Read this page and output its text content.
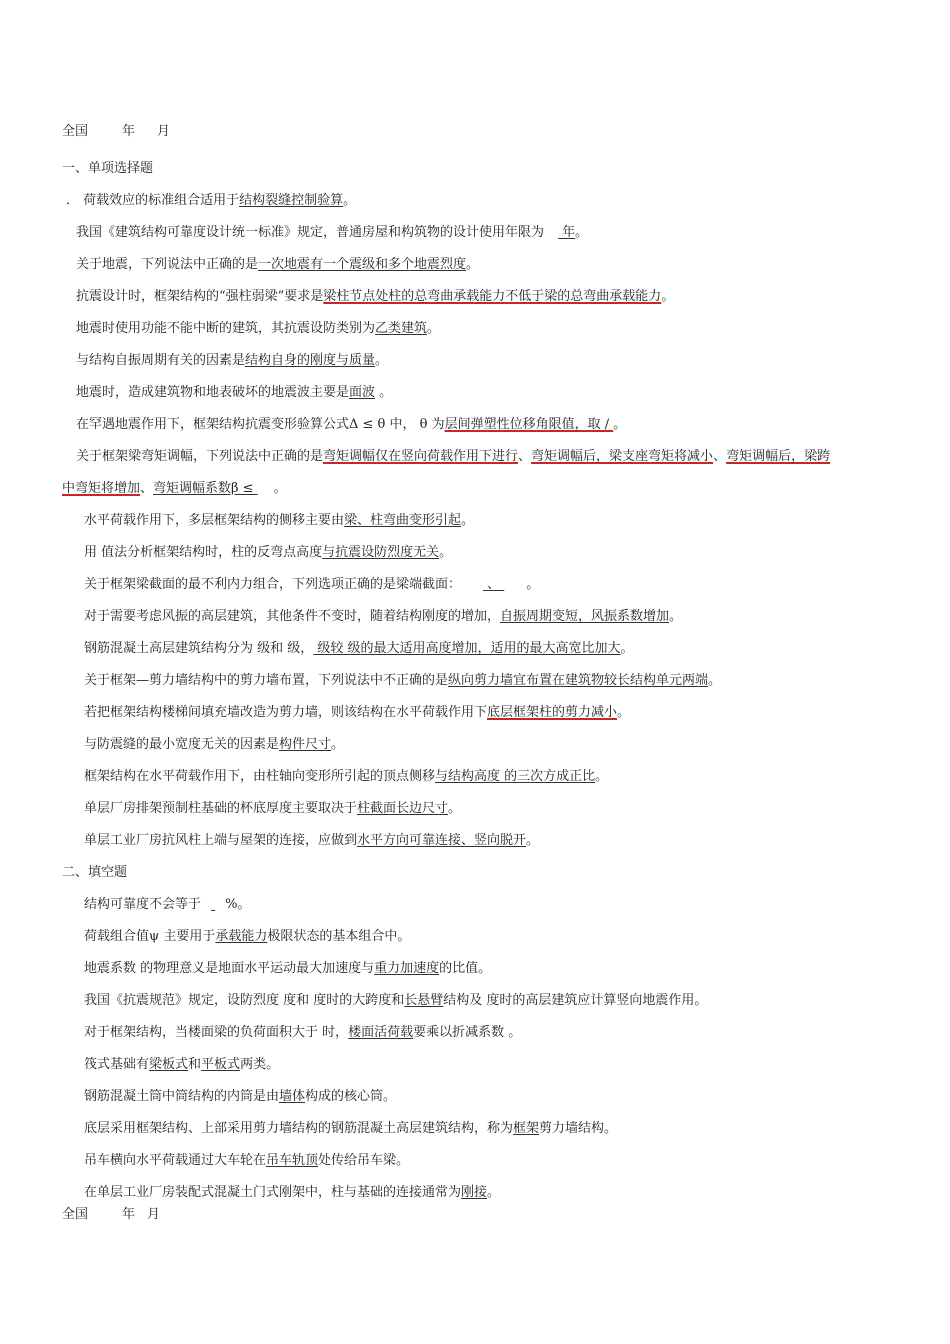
全国	年 月
一、单项选择题
． 荷载效应的标准组合适用于结构裂缝控制验算。
我国《建筑结构可靠度设计统一标准》规定，普通房屋和构筑物的设计使用年限为 年。
关于地震，下列说法中正确的是一次地震有一个震级和多个地震烈度。
抗震设计时，框架结构的“强柱弱梁”要求是梁柱节点处柱的总弯曲承载能力不低于梁的总弯曲承载能力。
地震时使用功能不能中断的建筑，其抗震设防类别为乙类建筑。
与结构自振周期有关的因素是结构自身的刚度与质量。
地震时，造成建筑物和地表破坏的地震波主要是面波 。
在罕遇地震作用下，框架结构抗震变形验算公式Δ ≤ θ 中， θ 为层间弹塑性位移角限值，取 / 。
关于框架梁弯矩调幅，下列说法中正确的是弯矩调幅仅在竖向荷载作用下进行、弯矩调幅后，梁支座弯矩将减小、弯矩调幅后，梁跨
中弯矩将增加、弯矩调幅系数β ≤ 。
水平荷载作用下，多层框架结构的侧移主要由梁、柱弯曲变形引起。
用 值法分析框架结构时，柱的反弯点高度与抗震设防烈度无关。
关于框架梁截面的最不利内力组合，下列选项正确的是梁端截面： 、 。
对于需要考虑风振的高层建筑，其他条件不变时，随着结构刚度的增加，自振周期变短，风振系数增加。
钢筋混凝土高层建筑结构分为 级和 级， 级较 级的最大适用高度增加，适用的最大高宽比加大。
关于框架—剪力墙结构中的剪力墙布置，下列说法中不正确的是纵向剪力墙宜布置在建筑物较长结构单元两端。
若把框架结构楼梯间填充墙改造为剪力墙，则该结构在水平荷载作用下底层框架柱的剪力减小。
与防震缝的最小宽度无关的因素是构件尺寸。
框架结构在水平荷载作用下，由柱轴向变形所引起的顶点侧移与结构高度 的三次方成正比。
单层厂房排架预制柱基础的杯底厚度主要取决于柱截面长边尺寸。
单层工业厂房抗风柱上端与屋架的连接，应做到水平方向可靠连接、竖向脱开。
二、填空题
结构可靠度不会等于 %。
荷载组合值ψ 主要用于承载能力极限状态的基本组合中。
地震系数 的物理意义是地面水平运动最大加速度与重力加速度的比值。
我国《抗震规范》规定，设防烈度 度和 度时的大跨度和长悬臂结构及 度时的高层建筑应计算竖向地震作用。
对于框架结构，当楼面梁的负荷面积大于 时，楼面活荷载要乘以折减系数 。
筏式基础有梁板式和平板式两类。
钢筋混凝土筒中筒结构的内筒是由墙体构成的核心筒。
底层采用框架结构、上部采用剪力墙结构的钢筋混凝土高层建筑结构，称为框架剪力墙结构。
吊车横向水平荷载通过大车轮在吊车轨顶处传给吊车梁。
在单层工业厂房装配式混凝土门式刚架中，柱与基础的连接通常为刚接。
全国	年 月
